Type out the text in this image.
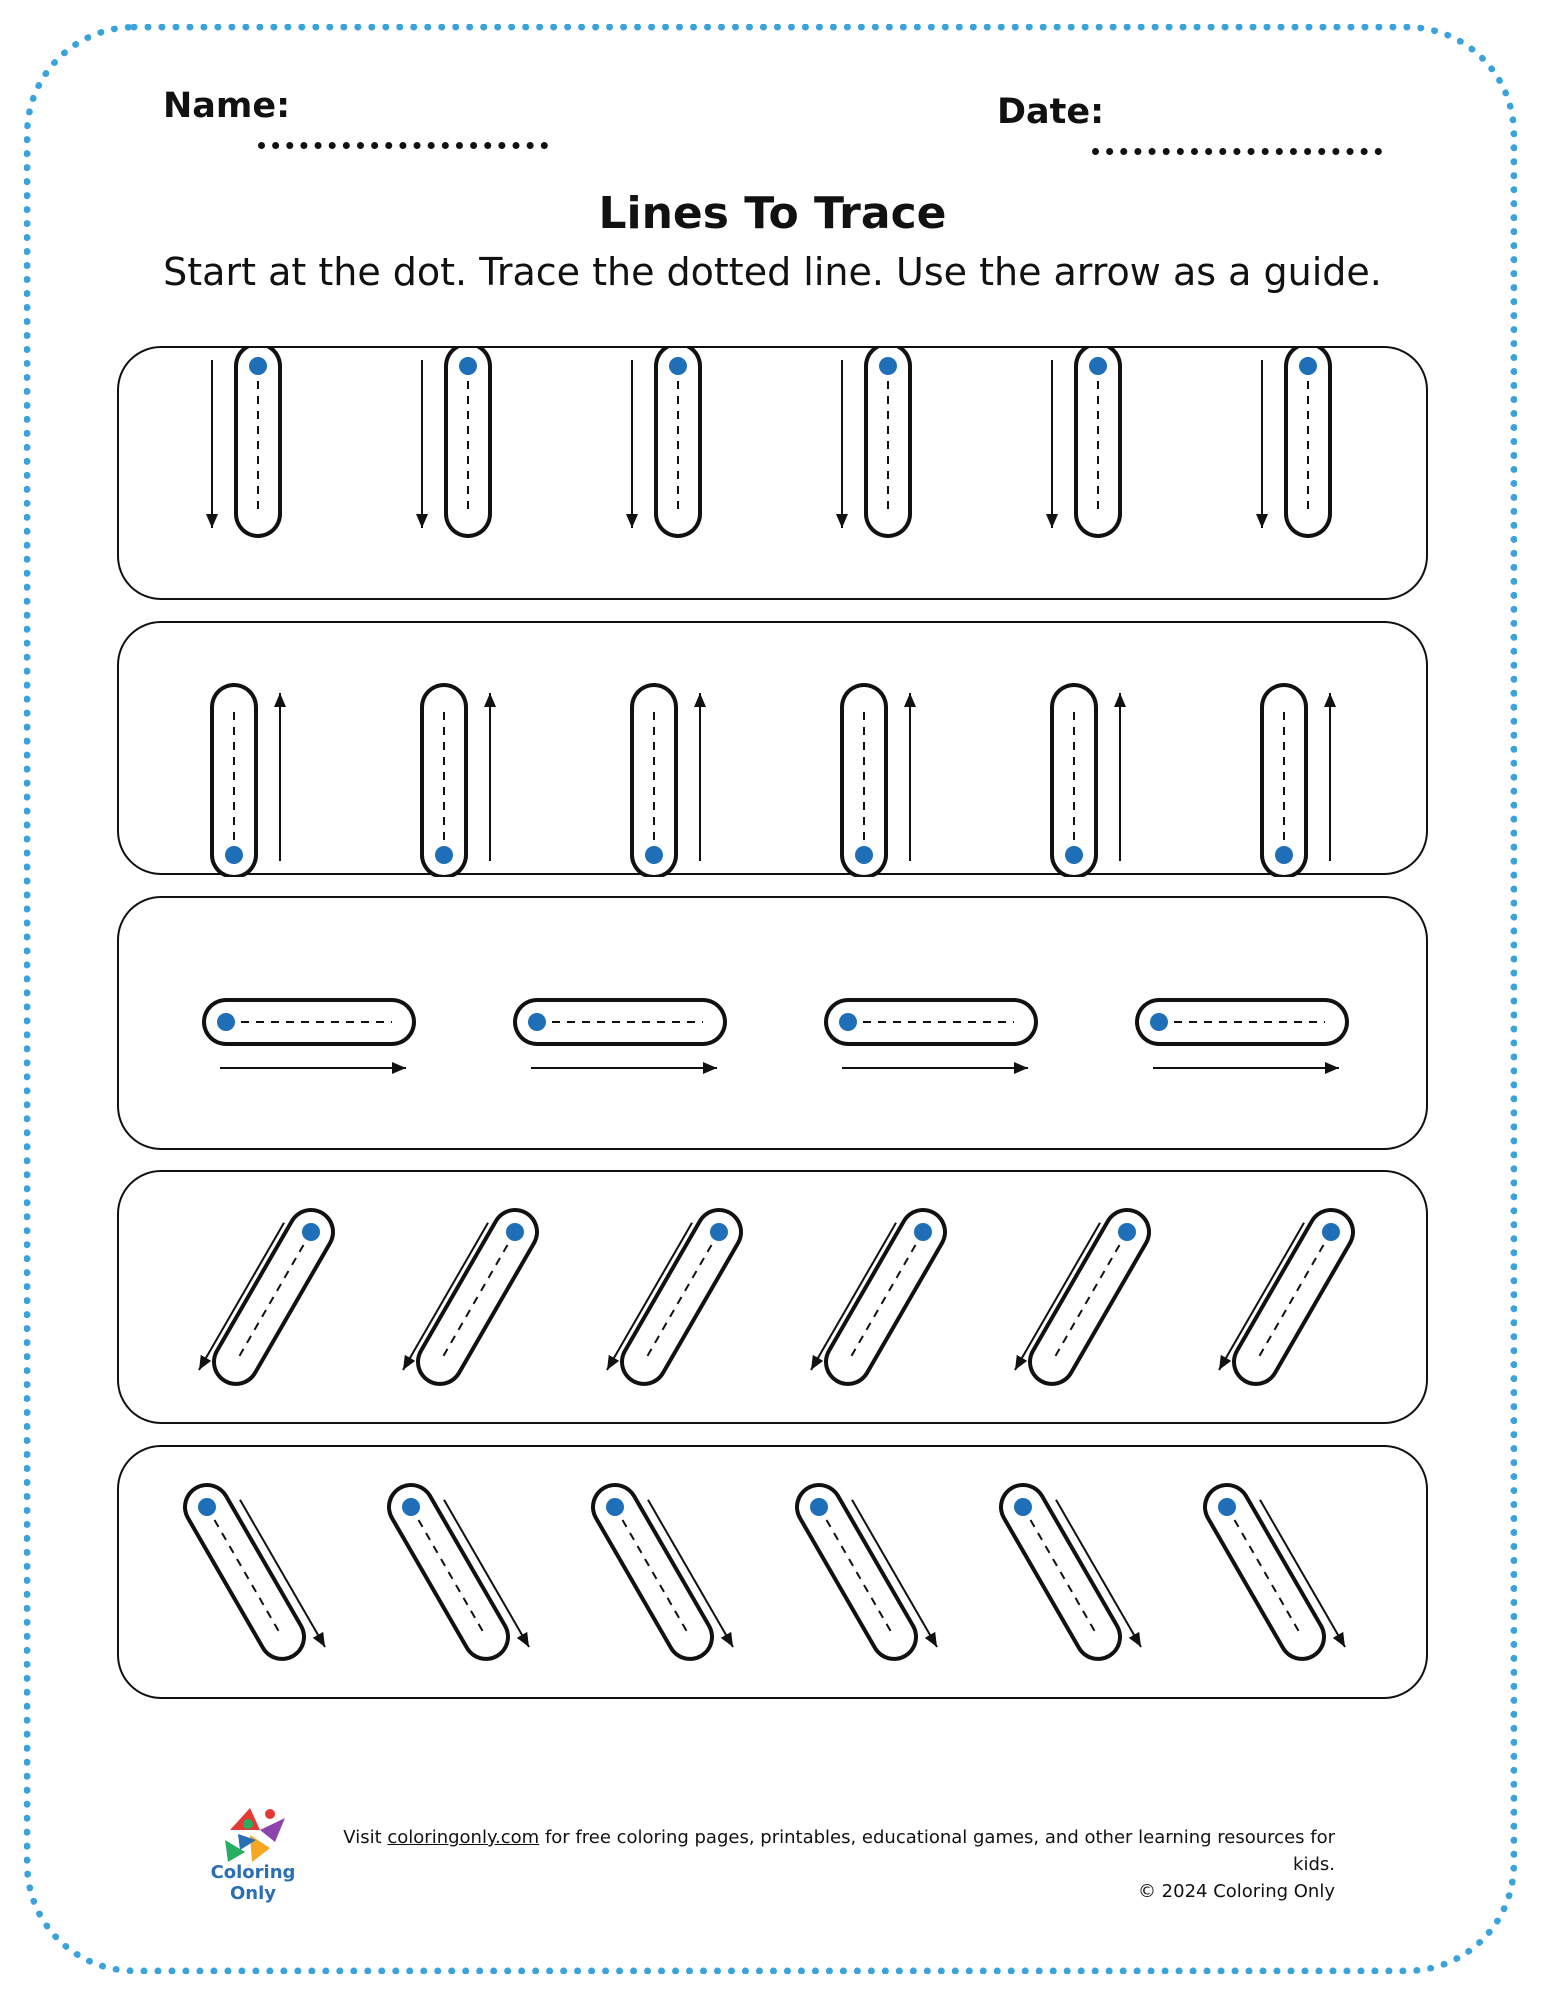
Name:	Date:
Lines To Trace
Start at the dot. Trace the dotted line. Use the arrow as a guide.
Coloring Only
Visit coloringonly.com for free coloring pages, printables, educational games, and other learning resources for kids.
© 2024 Coloring Only
